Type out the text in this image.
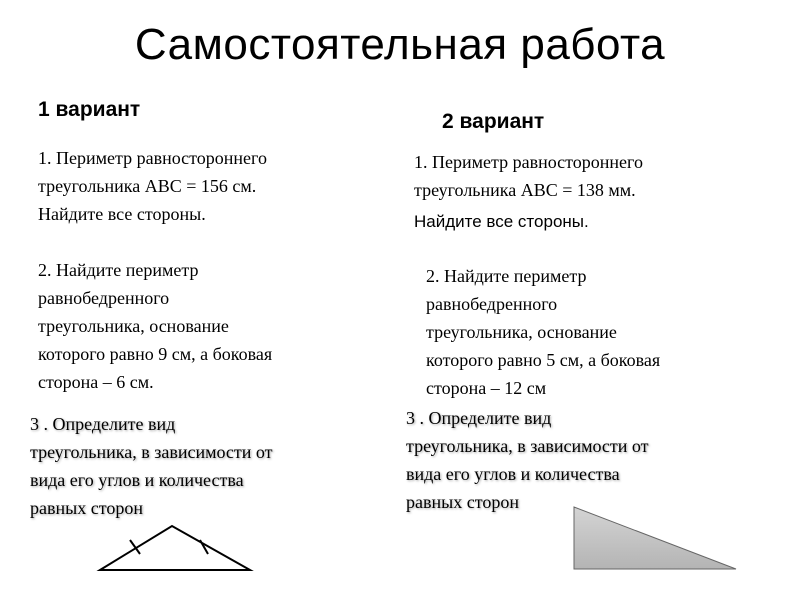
Самостоятельная работа
1 вариант
1. Периметр равностороннего
треугольника ABC = 156 см.
Найдите все стороны.
2. Найдите периметр
равнобедренного
треугольника, основание
которого равно 9 см, а боковая
сторона – 6 см.
3 . Определите вид
треугольника, в зависимости от
вида его углов и количества
равных сторон
2 вариант
1. Периметр равностороннего
треугольника ABC = 138 мм.
Найдите все стороны.
2. Найдите периметр
равнобедренного
треугольника, основание
которого равно 5 см, а боковая
сторона – 12 см
3 . Определите вид
треугольника, в зависимости от
вида его углов и количества
равных сторон
